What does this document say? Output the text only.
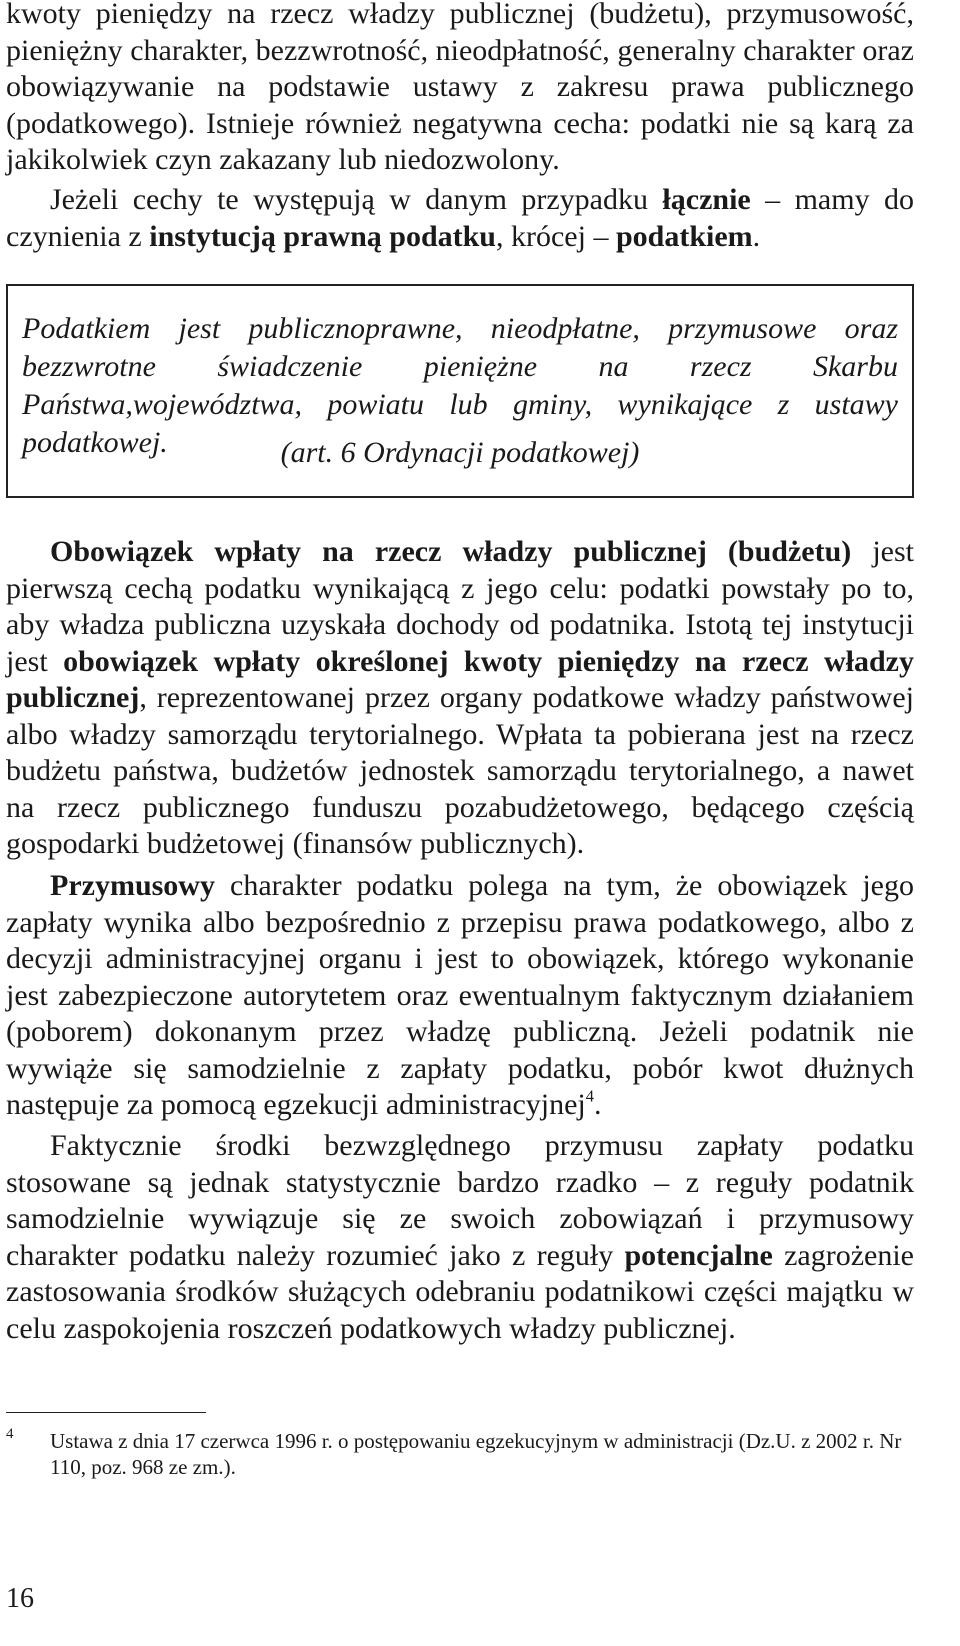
kwoty pieniędzy na rzecz władzy publicznej (budżetu), przymusowość, pieniężny charakter, bezzwrotność, nieodpłatność, generalny charakter oraz obowiązywanie na podstawie ustawy z zakresu prawa publicznego (podatkowego). Istnieje również negatywna cecha: podatki nie są karą za jakikolwiek czyn zakazany lub niedozwolony.

Jeżeli cechy te występują w danym przypadku łącznie – mamy do czynienia z instytucją prawną podatku, krócej – podatkiem.

Podatkiem jest publicznoprawne, nieodpłatne, przymusowe oraz bezzwrotne świadczenie pieniężne na rzecz Skarbu Państwa,województwa, powiatu lub gminy, wynikające z ustawy podatkowej.	(art. 6 Ordynacji podatkowej)

Obowiązek wpłaty na rzecz władzy publicznej (budżetu) jest pierwszą cechą podatku wynikającą z jego celu: podatki powstały po to, aby władza publiczna uzyskała dochody od podatnika. Istotą tej instytucji jest obowiązek wpłaty określonej kwoty pieniędzy na rzecz władzy publicznej, reprezentowanej przez organy podatkowe władzy państwowej albo władzy samorządu terytorialnego. Wpłata ta pobierana jest na rzecz budżetu państwa, budżetów jednostek samorządu terytorialnego, a nawet na rzecz publicznego funduszu pozabudżetowego, będącego częścią gospodarki budżetowej (finansów publicznych).

Przymusowy charakter podatku polega na tym, że obowiązek jego zapłaty wynika albo bezpośrednio z przepisu prawa podatkowego, albo z decyzji administracyjnej organu i jest to obowiązek, którego wykonanie jest zabezpieczone autorytetem oraz ewentualnym faktycznym działaniem (poborem) dokonanym przez władzę publiczną. Jeżeli podatnik nie wywiąże się samodzielnie z zapłaty podatku, pobór kwot dłużnych następuje za pomocą egzekucji administracyjnej$^4$.

Faktycznie środki bezwzględnego przymusu zapłaty podatku stosowane są jednak statystycznie bardzo rzadko – z reguły podatnik samodzielnie wywiązuje się ze swoich zobowiązań i przymusowy charakter podatku należy rozumieć jako z reguły potencjalne zagrożenie zastosowania środków służących odebraniu podatnikowi części majątku w celu zaspokojenia roszczeń podatkowych władzy publicznej.

4 Ustawa z dnia 17 czerwca 1996 r. o postępowaniu egzekucyjnym w administracji (Dz.U. z 2002 r. Nr 110, poz. 968 ze zm.).

16
